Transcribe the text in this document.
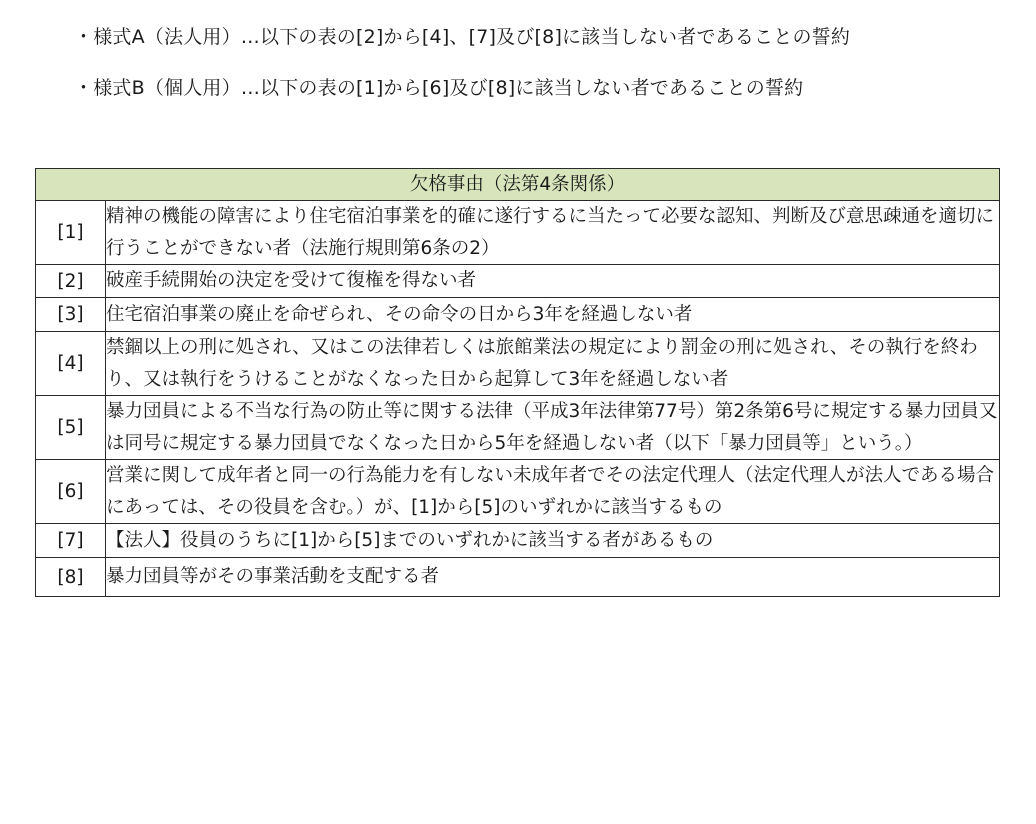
・様式A（法人用）…以下の表の[2]から[4]、[7]及び[8]に該当しない者であることの誓約
・様式B（個人用）…以下の表の[1]から[6]及び[8]に該当しない者であることの誓約
欠格事由（法第4条関係）	
[1]	精神の機能の障害により住宅宿泊事業を的確に遂行するに当たって必要な認知、判断及び意思疎通を適切に行うことができない者（法施行規則第6条の2）
[2]	破産手続開始の決定を受けて復権を得ない者
[3]	住宅宿泊事業の廃止を命ぜられ、その命令の日から3年を経過しない者
[4]	禁錮以上の刑に処され、又はこの法律若しくは旅館業法の規定により罰金の刑に処され、その執行を終わり、又は執行をうけることがなくなった日から起算して3年を経過しない者
[5]	暴力団員による不当な行為の防止等に関する法律（平成3年法律第77号）第2条第6号に規定する暴力団員又は同号に規定する暴力団員でなくなった日から5年を経過しない者（以下「暴力団員等」という。）
[6]	営業に関して成年者と同一の行為能力を有しない未成年者でその法定代理人（法定代理人が法人である場合にあっては、その役員を含む。）が、[1]から[5]のいずれかに該当するもの
[7]	【法人】役員のうちに[1]から[5]までのいずれかに該当する者があるもの
[8]	暴力団員等がその事業活動を支配する者
